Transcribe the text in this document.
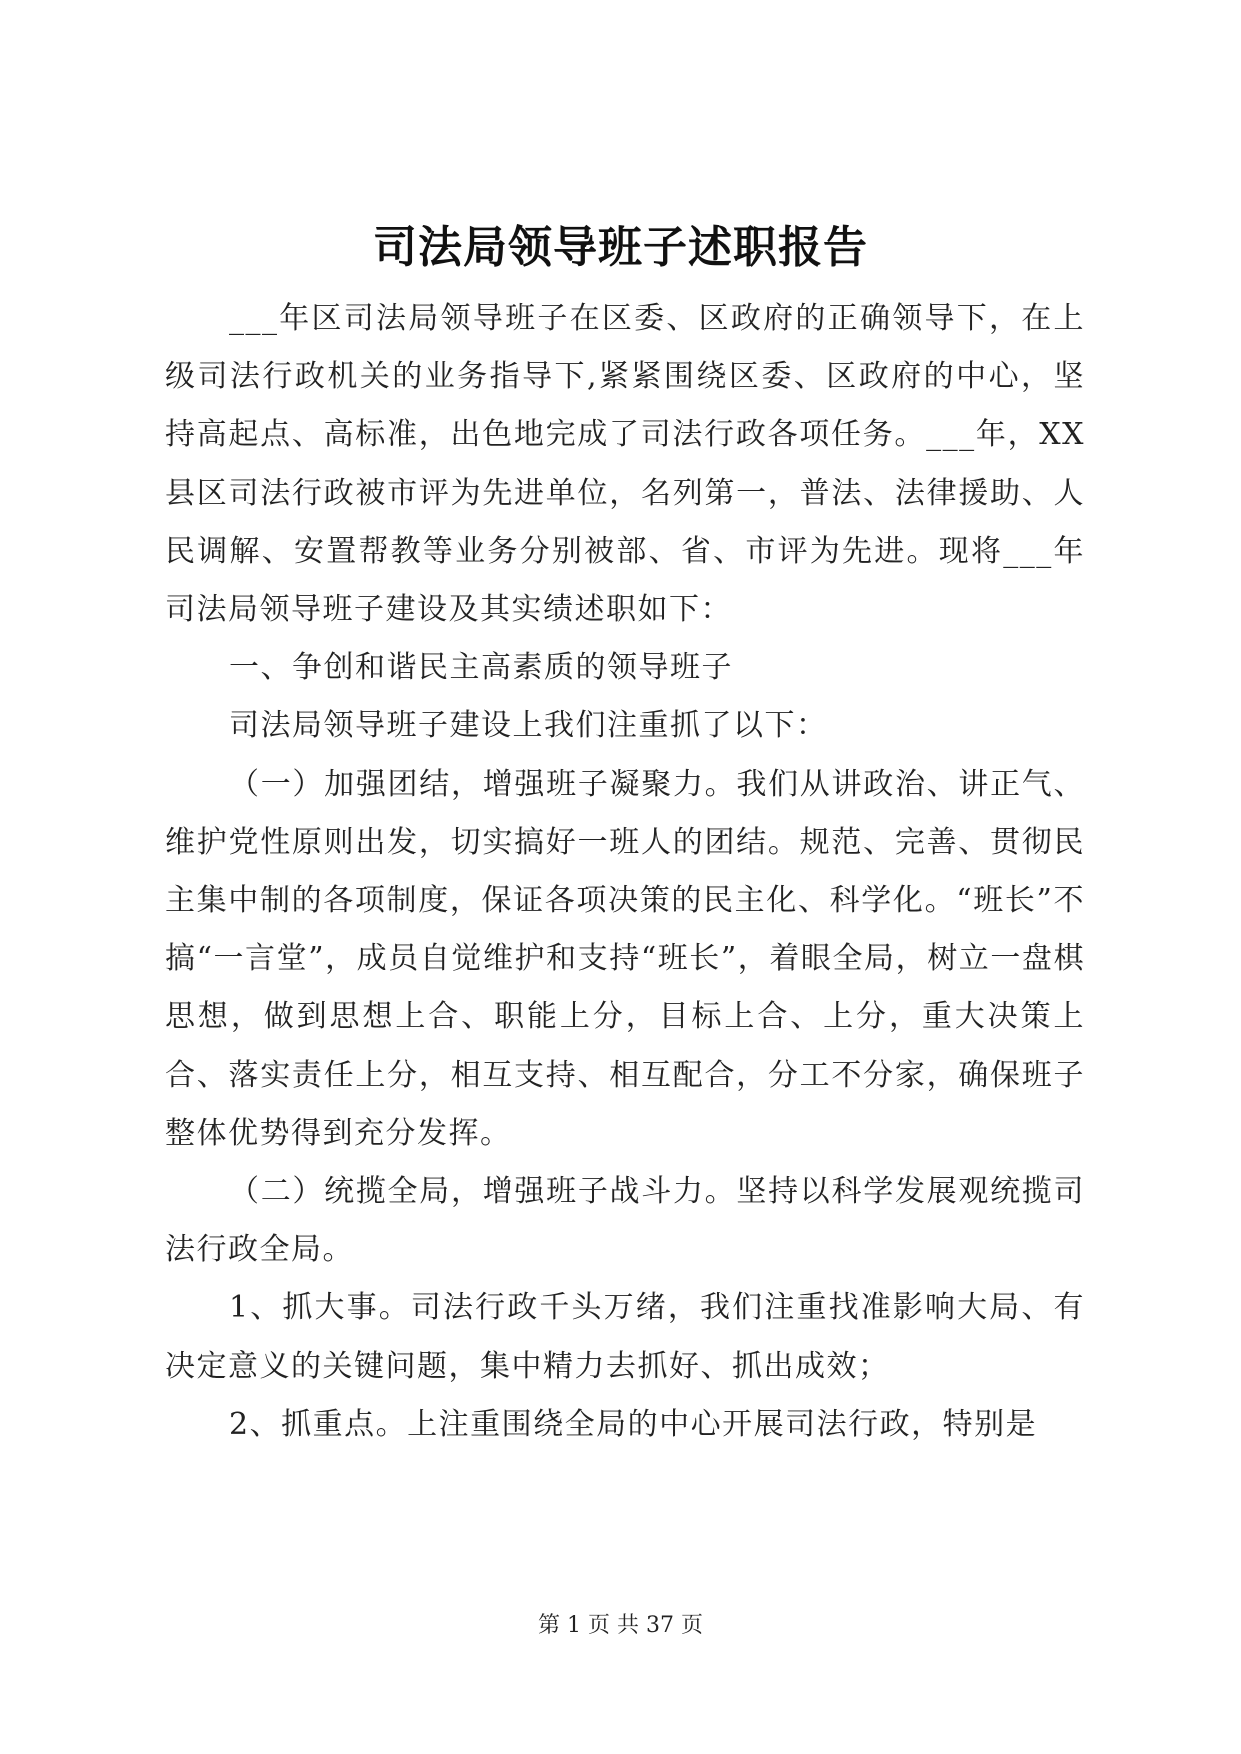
司法局领导班子述职报告

___年区司法局领导班子在区委、区政府的正确领导下，在上级司法行政机关的业务指导下,紧紧围绕区委、区政府的中心，坚持高起点、高标准，出色地完成了司法行政各项任务。___年，XX县区司法行政被市评为先进单位，名列第一，普法、法律援助、人民调解、安置帮教等业务分别被部、省、市评为先进。现将___年司法局领导班子建设及其实绩述职如下：

一、争创和谐民主高素质的领导班子

司法局领导班子建设上我们注重抓了以下：

（一）加强团结，增强班子凝聚力。我们从讲政治、讲正气、维护党性原则出发，切实搞好一班人的团结。规范、完善、贯彻民主集中制的各项制度，保证各项决策的民主化、科学化。“班长”不搞“一言堂”，成员自觉维护和支持“班长”，着眼全局，树立一盘棋思想，做到思想上合、职能上分，目标上合、上分，重大决策上合、落实责任上分，相互支持、相互配合，分工不分家，确保班子整体优势得到充分发挥。

（二）统揽全局，增强班子战斗力。坚持以科学发展观统揽司法行政全局。

1、抓大事。司法行政千头万绪，我们注重找准影响大局、有决定意义的关键问题，集中精力去抓好、抓出成效；

2、抓重点。上注重围绕全局的中心开展司法行政，特别是

第 1 页 共 37 页
